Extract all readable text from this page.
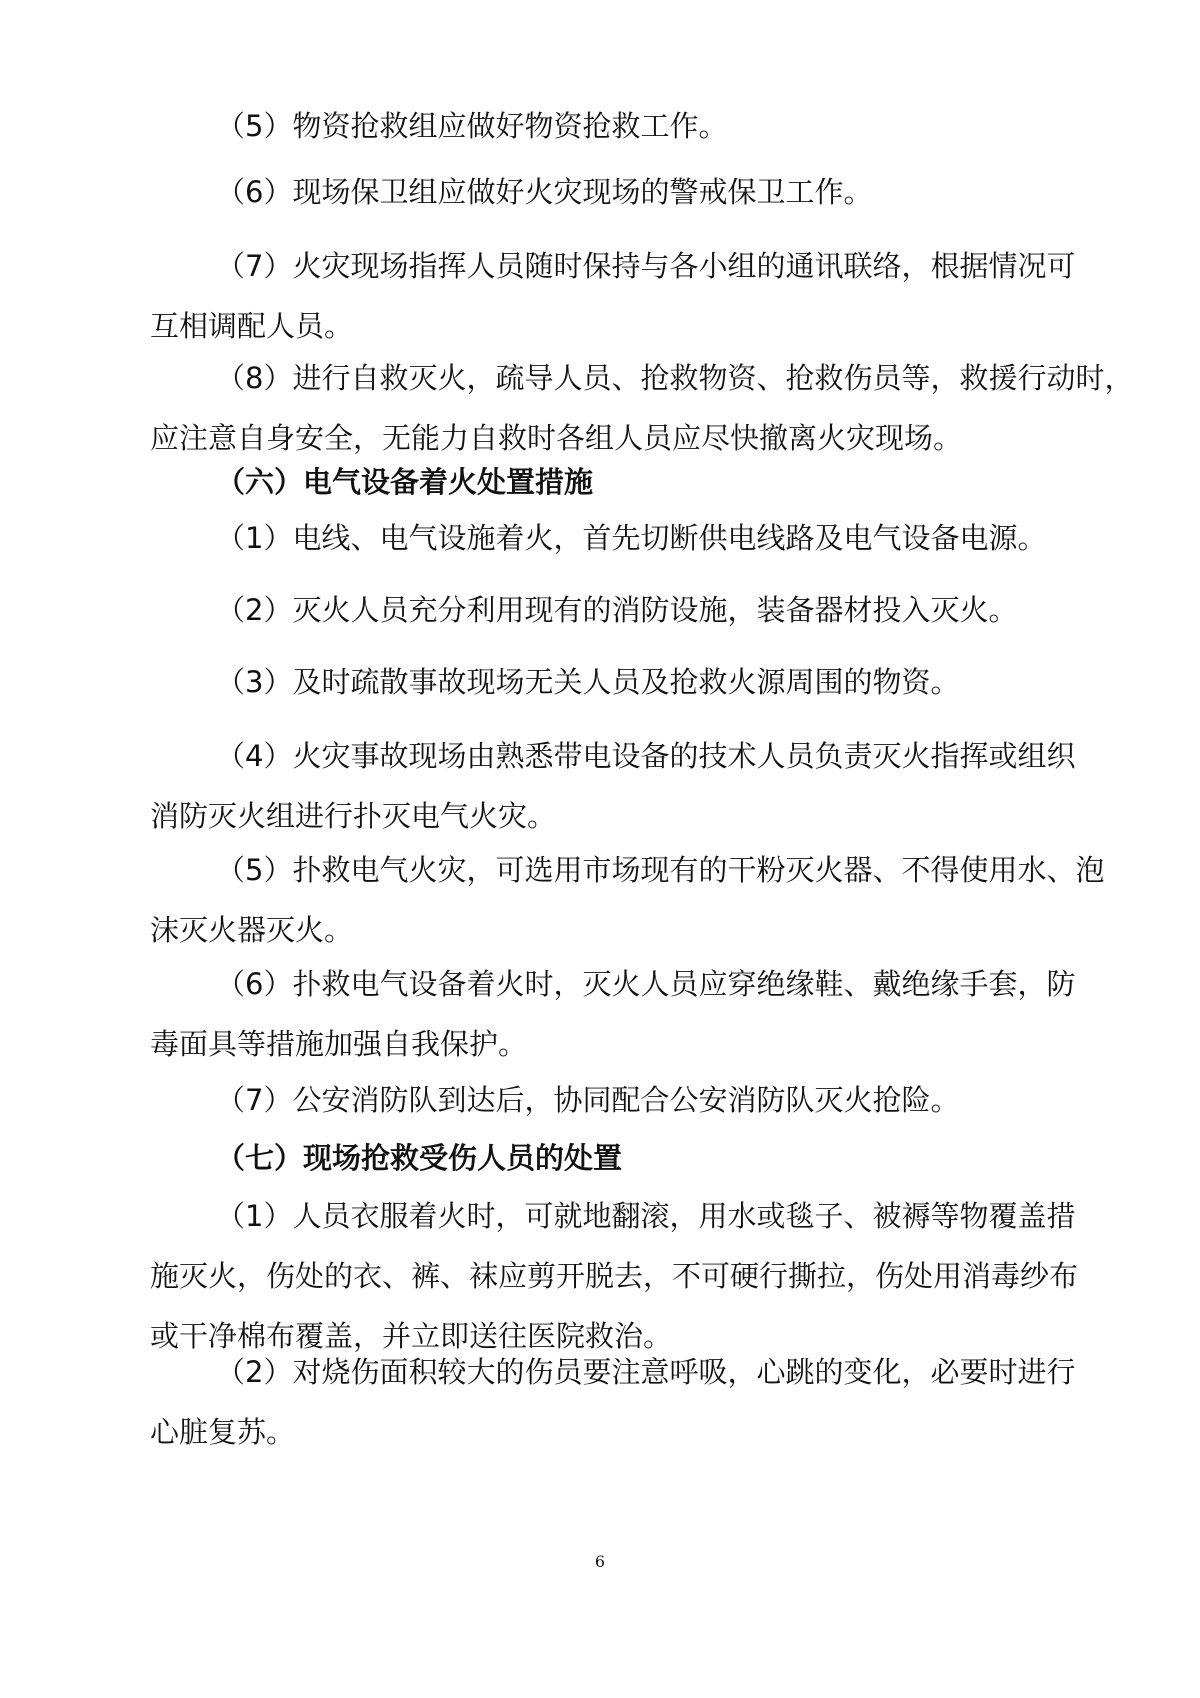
（5）物资抢救组应做好物资抢救工作。

（6）现场保卫组应做好火灾现场的警戒保卫工作。

（7）火灾现场指挥人员随时保持与各小组的通讯联络，根据情况可
互相调配人员。

（8）进行自救灭火，疏导人员、抢救物资、抢救伤员等，救援行动时，
应注意自身安全，无能力自救时各组人员应尽快撤离火灾现场。

（六）电气设备着火处置措施

（1）电线、电气设施着火，首先切断供电线路及电气设备电源。

（2）灭火人员充分利用现有的消防设施，装备器材投入灭火。

（3）及时疏散事故现场无关人员及抢救火源周围的物资。

（4）火灾事故现场由熟悉带电设备的技术人员负责灭火指挥或组织
消防灭火组进行扑灭电气火灾。

（5）扑救电气火灾，可选用市场现有的干粉灭火器、不得使用水、泡
沫灭火器灭火。

（6）扑救电气设备着火时，灭火人员应穿绝缘鞋、戴绝缘手套，防
毒面具等措施加强自我保护。

（7）公安消防队到达后，协同配合公安消防队灭火抢险。

（七）现场抢救受伤人员的处置

（1）人员衣服着火时，可就地翻滚，用水或毯子、被褥等物覆盖措
施灭火，伤处的衣、裤、袜应剪开脱去，不可硬行撕拉，伤处用消毒纱布
或干净棉布覆盖，并立即送往医院救治。

（2）对烧伤面积较大的伤员要注意呼吸，心跳的变化，必要时进行
心脏复苏。

6
